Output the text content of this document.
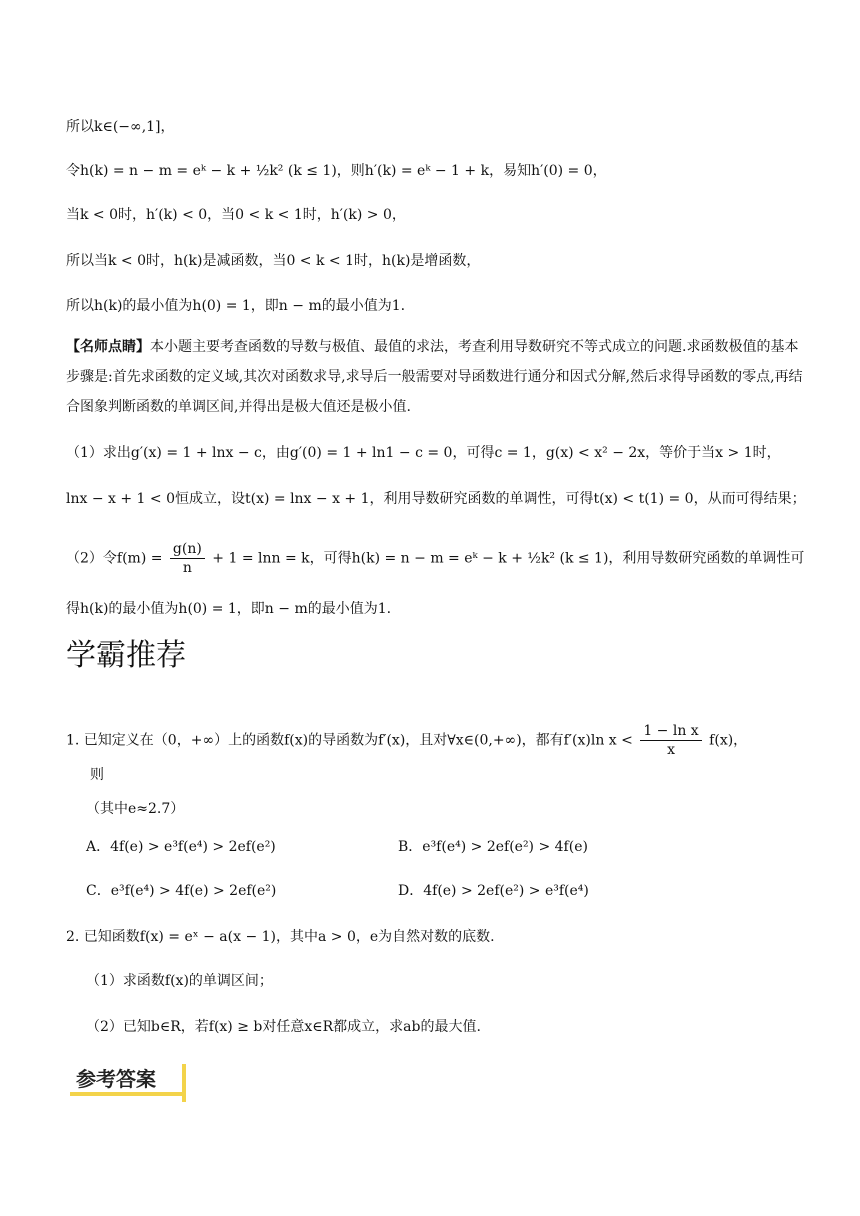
所以k∈(−∞,1]，
令h(k) = n − m = eᵏ − k + ½k² (k ≤ 1)，则h′(k) = eᵏ − 1 + k，易知h′(0) = 0，
当k < 0时，h′(k) < 0，当0 < k < 1时，h′(k) > 0，
所以当k < 0时，h(k)是减函数，当0 < k < 1时，h(k)是增函数，
所以h(k)的最小值为h(0) = 1，即n − m的最小值为1.
【名师点睛】本小题主要考查函数的导数与极值、最值的求法，考查利用导数研究不等式成立的问题.求函数极值的基本步骤是:首先求函数的定义域,其次对函数求导,求导后一般需要对导函数进行通分和因式分解,然后求得导函数的零点,再结合图象判断函数的单调区间,并得出是极大值还是极小值.
（1）求出g′(x) = 1 + lnx − c，由g′(0) = 1 + ln1 − c = 0，可得c = 1，g(x) < x² − 2x，等价于当x > 1时，
lnx − x + 1 < 0恒成立，设t(x) = lnx − x + 1，利用导数研究函数的单调性，可得t(x) < t(1) = 0，从而可得结果；
（2）令$f(m) = \frac{g(n)}{n} + 1 = \ln n = k$，可得h(k) = n − m = eᵏ − k + ½k² (k ≤ 1)，利用导数研究函数的单调性可
得h(k)的最小值为h(0) = 1，即n − m的最小值为1.
学霸推荐
1. 已知定义在（0，+∞）上的函数f(x)的导函数为f′(x)，且对∀x∈(0,+∞)，都有f′(x)ln $x < \frac{\text{1 − ln x}}{x} f(x)$，
则
（其中e≈2.7）
A．4f(e) > e³f(e⁴) > 2ef(e²)	B．e³f(e⁴) > 2ef(e²) > 4f(e)
C．e³f(e⁴) > 4f(e) > 2ef(e²)	D．4f(e) > 2ef(e²) > e³f(e⁴)
2. 已知函数f(x) = eˣ − a(x − 1)，其中a > 0，e为自然对数的底数.
（1）求函数f(x)的单调区间；
（2）已知b∈R，若f(x) ≥ b对任意x∈R都成立，求ab的最大值.
参考答案
